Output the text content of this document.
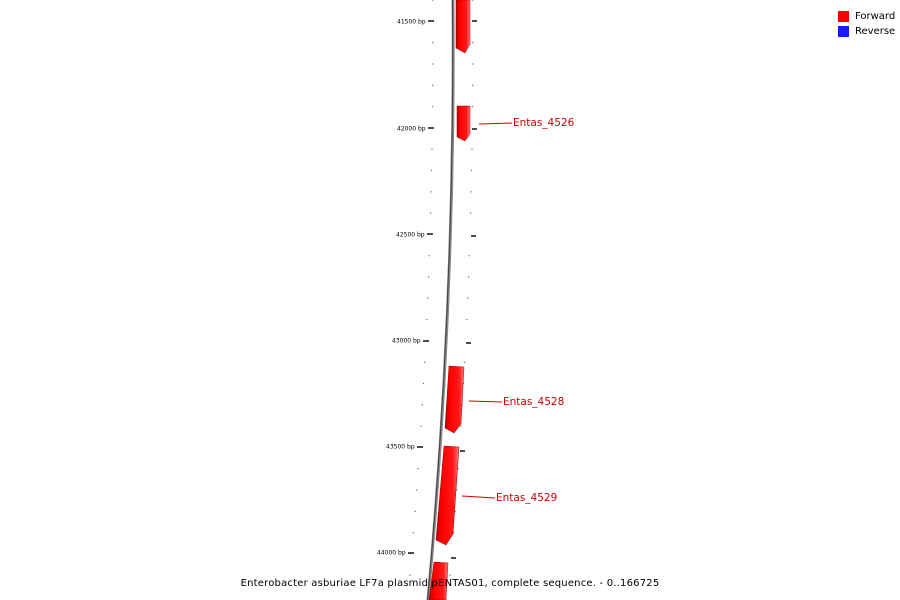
41500 bp
42000 bp
42500 bp
43000 bp
43500 bp
44000 bp
Entas_4526
Entas_4528
Entas_4529
Forward
Reverse
Enterobacter asburiae LF7a plasmid pENTAS01, complete sequence. - 0..166725
